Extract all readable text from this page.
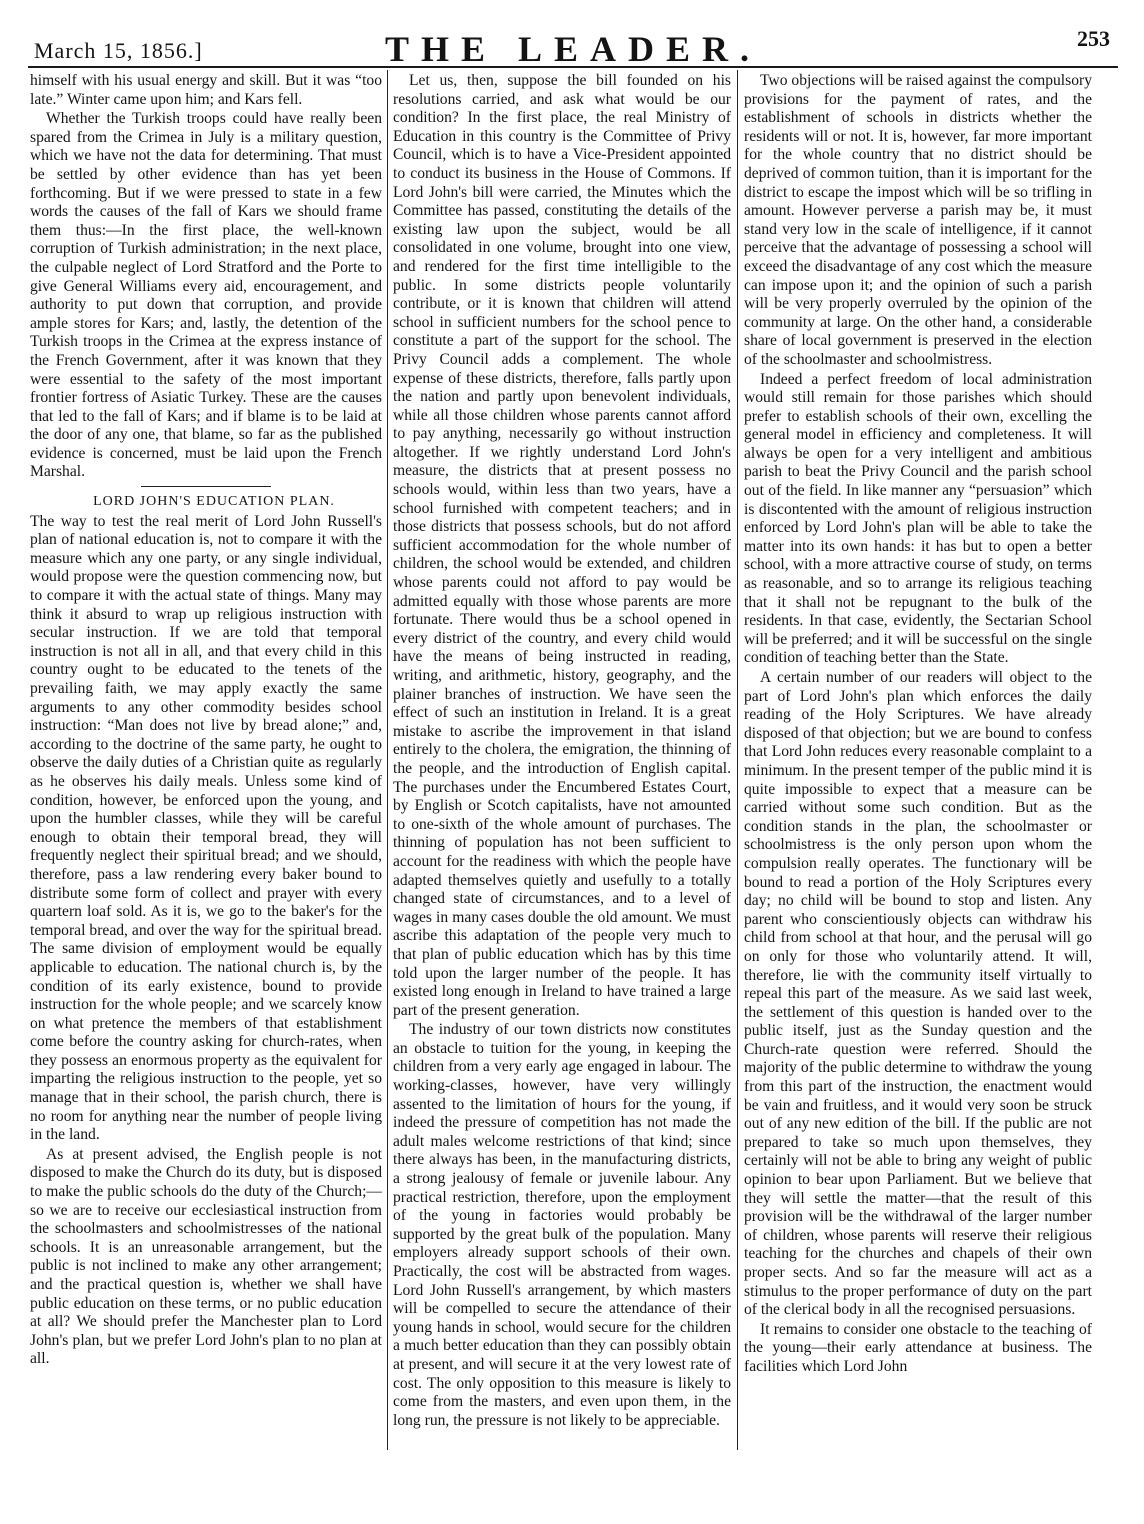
March 15, 1856.]	THE LEADER.	253

himself with his usual energy and skill. But it was “too late.” Winter came upon him; and Kars fell.

Whether the Turkish troops could have really been spared from the Crimea in July is a military question, which we have not the data for determining. That must be settled by other evidence than has yet been forthcoming. But if we were pressed to state in a few words the causes of the fall of Kars we should frame them thus:—In the first place, the well-known corruption of Turkish administration; in the next place, the culpable neglect of Lord Stratford and the Porte to give General Williams every aid, encouragement, and authority to put down that corruption, and provide ample stores for Kars; and, lastly, the detention of the Turkish troops in the Crimea at the express instance of the French Government, after it was known that they were essential to the safety of the most important frontier fortress of Asiatic Turkey. These are the causes that led to the fall of Kars; and if blame is to be laid at the door of any one, that blame, so far as the published evidence is concerned, must be laid upon the French Marshal.

LORD JOHN'S EDUCATION PLAN.

The way to test the real merit of Lord John Russell's plan of national education is, not to compare it with the measure which any one party, or any single individual, would propose were the question commencing now, but to compare it with the actual state of things. Many may think it absurd to wrap up religious instruction with secular instruction. If we are told that temporal instruction is not all in all, and that every child in this country ought to be educated to the tenets of the prevailing faith, we may apply exactly the same arguments to any other commodity besides school instruction: “Man does not live by bread alone;” and, according to the doctrine of the same party, he ought to observe the daily duties of a Christian quite as regularly as he observes his daily meals. Unless some kind of condition, however, be enforced upon the young, and upon the humbler classes, while they will be careful enough to obtain their temporal bread, they will frequently neglect their spiritual bread; and we should, therefore, pass a law rendering every baker bound to distribute some form of collect and prayer with every quartern loaf sold. As it is, we go to the baker's for the temporal bread, and over the way for the spiritual bread. The same division of employment would be equally applicable to education. The national church is, by the condition of its early existence, bound to provide instruction for the whole people; and we scarcely know on what pretence the members of that establishment come before the country asking for church-rates, when they possess an enormous property as the equivalent for imparting the religious instruction to the people, yet so manage that in their school, the parish church, there is no room for anything near the number of people living in the land.

As at present advised, the English people is not disposed to make the Church do its duty, but is disposed to make the public schools do the duty of the Church;—so we are to receive our ecclesiastical instruction from the schoolmasters and schoolmistresses of the national schools. It is an unreasonable arrangement, but the public is not inclined to make any other arrangement; and the practical question is, whether we shall have public education on these terms, or no public education at all? We should prefer the Manchester plan to Lord John's plan, but we prefer Lord John's plan to no plan at all.

Let us, then, suppose the bill founded on his resolutions carried, and ask what would be our condition? In the first place, the real Ministry of Education in this country is the Committee of Privy Council, which is to have a Vice-President appointed to conduct its business in the House of Commons. If Lord John's bill were carried, the Minutes which the Committee has passed, constituting the details of the existing law upon the subject, would be all consolidated in one volume, brought into one view, and rendered for the first time intelligible to the public. In some districts people voluntarily contribute, or it is known that children will attend school in sufficient numbers for the school pence to constitute a part of the support for the school. The Privy Council adds a complement. The whole expense of these districts, therefore, falls partly upon the nation and partly upon benevolent individuals, while all those children whose parents cannot afford to pay anything, necessarily go without instruction altogether. If we rightly understand Lord John's measure, the districts that at present possess no schools would, within less than two years, have a school furnished with competent teachers; and in those districts that possess schools, but do not afford sufficient accommodation for the whole number of children, the school would be extended, and children whose parents could not afford to pay would be admitted equally with those whose parents are more fortunate. There would thus be a school opened in every district of the country, and every child would have the means of being instructed in reading, writing, and arithmetic, history, geography, and the plainer branches of instruction. We have seen the effect of such an institution in Ireland. It is a great mistake to ascribe the improvement in that island entirely to the cholera, the emigration, the thinning of the people, and the introduction of English capital. The purchases under the Encumbered Estates Court, by English or Scotch capitalists, have not amounted to one-sixth of the whole amount of purchases. The thinning of population has not been sufficient to account for the readiness with which the people have adapted themselves quietly and usefully to a totally changed state of circumstances, and to a level of wages in many cases double the old amount. We must ascribe this adaptation of the people very much to that plan of public education which has by this time told upon the larger number of the people. It has existed long enough in Ireland to have trained a large part of the present generation.

The industry of our town districts now constitutes an obstacle to tuition for the young, in keeping the children from a very early age engaged in labour. The working-classes, however, have very willingly assented to the limitation of hours for the young, if indeed the pressure of competition has not made the adult males welcome restrictions of that kind; since there always has been, in the manufacturing districts, a strong jealousy of female or juvenile labour. Any practical restriction, therefore, upon the employment of the young in factories would probably be supported by the great bulk of the population. Many employers already support schools of their own. Practically, the cost will be abstracted from wages. Lord John Russell's arrangement, by which masters will be compelled to secure the attendance of their young hands in school, would secure for the children a much better education than they can possibly obtain at present, and will secure it at the very lowest rate of cost. The only opposition to this measure is likely to come from the masters, and even upon them, in the long run, the pressure is not likely to be appreciable.

Two objections will be raised against the compulsory provisions for the payment of rates, and the establishment of schools in districts whether the residents will or not. It is, however, far more important for the whole country that no district should be deprived of common tuition, than it is important for the district to escape the impost which will be so trifling in amount. However perverse a parish may be, it must stand very low in the scale of intelligence, if it cannot perceive that the advantage of possessing a school will exceed the disadvantage of any cost which the measure can impose upon it; and the opinion of such a parish will be very properly overruled by the opinion of the community at large. On the other hand, a considerable share of local government is preserved in the election of the schoolmaster and schoolmistress.

Indeed a perfect freedom of local administration would still remain for those parishes which should prefer to establish schools of their own, excelling the general model in efficiency and completeness. It will always be open for a very intelligent and ambitious parish to beat the Privy Council and the parish school out of the field. In like manner any “persuasion” which is discontented with the amount of religious instruction enforced by Lord John's plan will be able to take the matter into its own hands: it has but to open a better school, with a more attractive course of study, on terms as reasonable, and so to arrange its religious teaching that it shall not be repugnant to the bulk of the residents. In that case, evidently, the Sectarian School will be preferred; and it will be successful on the single condition of teaching better than the State.

A certain number of our readers will object to the part of Lord John's plan which enforces the daily reading of the Holy Scriptures. We have already disposed of that objection; but we are bound to confess that Lord John reduces every reasonable complaint to a minimum. In the present temper of the public mind it is quite impossible to expect that a measure can be carried without some such condition. But as the condition stands in the plan, the schoolmaster or schoolmistress is the only person upon whom the compulsion really operates. The functionary will be bound to read a portion of the Holy Scriptures every day; no child will be bound to stop and listen. Any parent who conscientiously objects can withdraw his child from school at that hour, and the perusal will go on only for those who voluntarily attend. It will, therefore, lie with the community itself virtually to repeal this part of the measure. As we said last week, the settlement of this question is handed over to the public itself, just as the Sunday question and the Church-rate question were referred. Should the majority of the public determine to withdraw the young from this part of the instruction, the enactment would be vain and fruitless, and it would very soon be struck out of any new edition of the bill. If the public are not prepared to take so much upon themselves, they certainly will not be able to bring any weight of public opinion to bear upon Parliament. But we believe that they will settle the matter—that the result of this provision will be the withdrawal of the larger number of children, whose parents will reserve their religious teaching for the churches and chapels of their own proper sects. And so far the measure will act as a stimulus to the proper performance of duty on the part of the clerical body in all the recognised persuasions.

It remains to consider one obstacle to the teaching of the young—their early attendance at business. The facilities which Lord John
